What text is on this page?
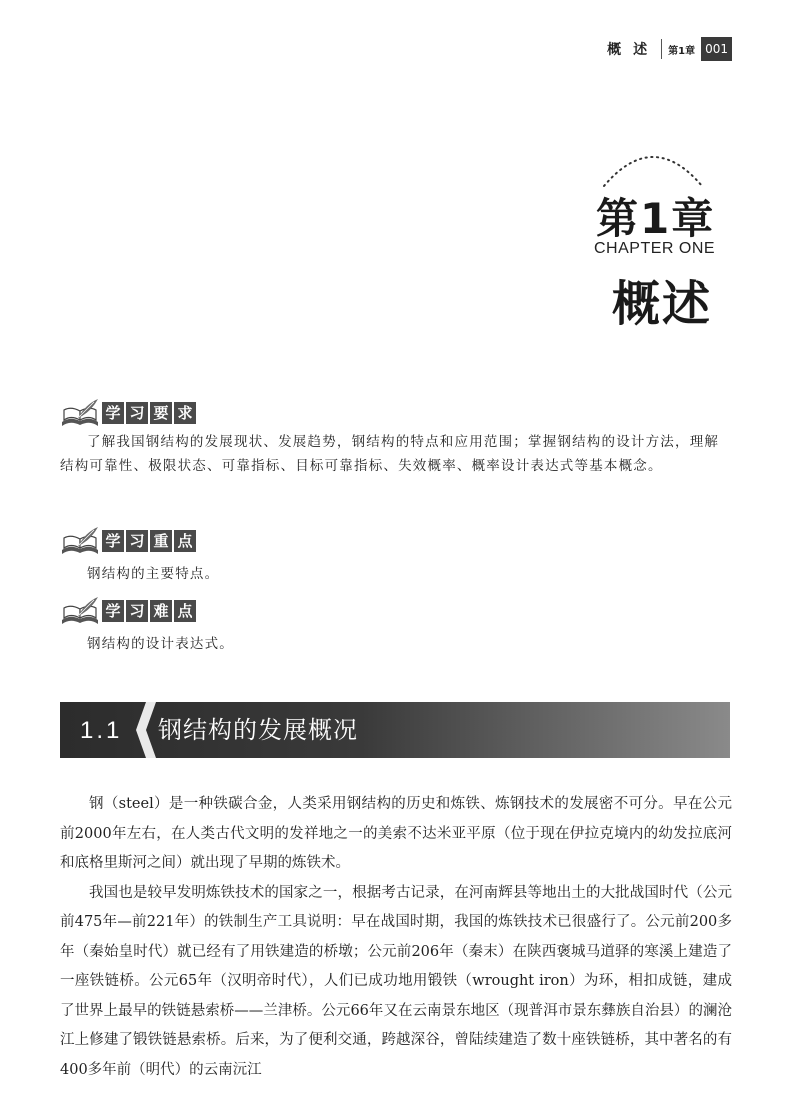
概述 第1章 001
第1章
CHAPTER ONE
概述
学 习 要 求
了解我国钢结构的发展现状、发展趋势，钢结构的特点和应用范围；掌握钢结构的设计方法，理解结构可靠性、极限状态、可靠指标、目标可靠指标、失效概率、概率设计表达式等基本概念。
学 习 重 点
钢结构的主要特点。
学 习 难 点
钢结构的设计表达式。
1.1 钢结构的发展概况

钢（steel）是一种铁碳合金，人类采用钢结构的历史和炼铁、炼钢技术的发展密不可分。早在公元前2000年左右，在人类古代文明的发祥地之一的美索不达米亚平原（位于现在伊拉克境内的幼发拉底河和底格里斯河之间）就出现了早期的炼铁术。

我国也是较早发明炼铁技术的国家之一，根据考古记录，在河南辉县等地出土的大批战国时代（公元前475年—前221年）的铁制生产工具说明：早在战国时期，我国的炼铁技术已很盛行了。公元前200多年（秦始皇时代）就已经有了用铁建造的桥墩；公元前206年（秦末）在陕西褒城马道驿的寒溪上建造了一座铁链桥。公元65年（汉明帝时代），人们已成功地用锻铁（wrought iron）为环，相扣成链，建成了世界上最早的铁链悬索桥——兰津桥。公元66年又在云南景东地区（现普洱市景东彝族自治县）的澜沧江上修建了锻铁链悬索桥。后来，为了便利交通，跨越深谷，曾陆续建造了数十座铁链桥，其中著名的有400多年前（明代）的云南沅江
